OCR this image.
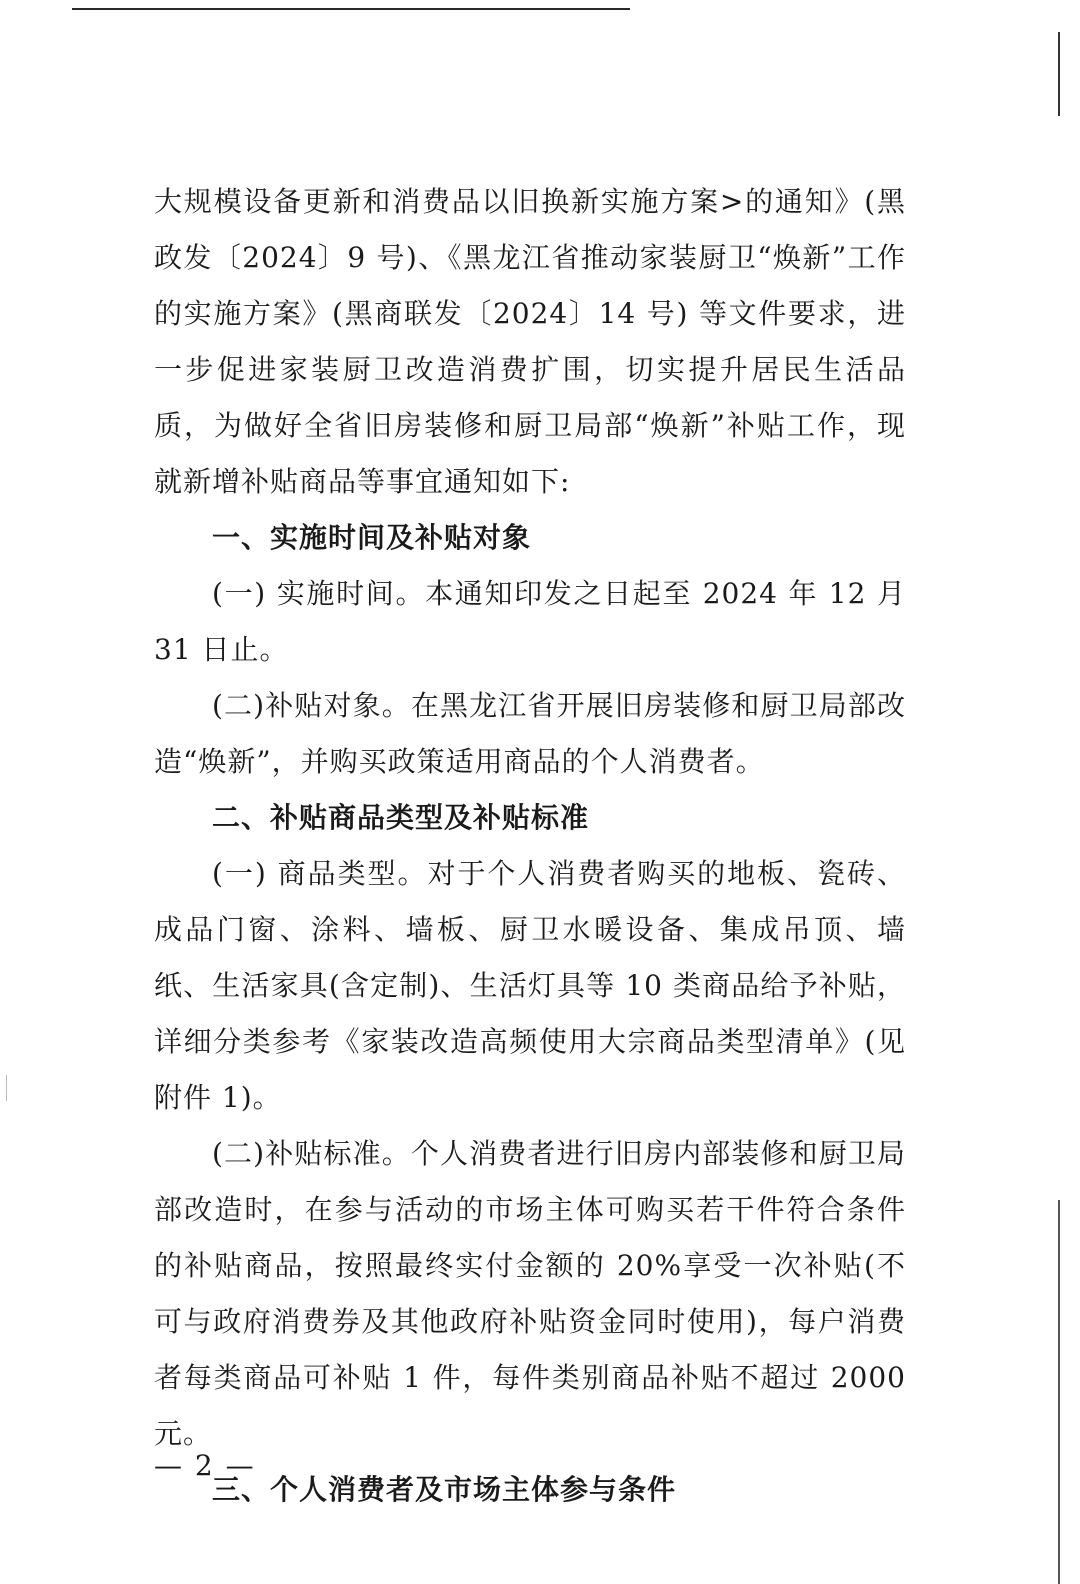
大规模设备更新和消费品以旧换新实施方案>的通知》(黑政发〔2024〕9 号)、《黑龙江省推动家装厨卫“焕新”工作的实施方案》(黑商联发〔2024〕14 号) 等文件要求，进一步促进家装厨卫改造消费扩围，切实提升居民生活品质，为做好全省旧房装修和厨卫局部“焕新”补贴工作，现就新增补贴商品等事宜通知如下:

一、实施时间及补贴对象

(一) 实施时间。本通知印发之日起至 2024 年 12 月 31 日止。

(二)补贴对象。在黑龙江省开展旧房装修和厨卫局部改造“焕新”，并购买政策适用商品的个人消费者。

二、补贴商品类型及补贴标准

(一) 商品类型。对于个人消费者购买的地板、瓷砖、成品门窗、涂料、墙板、厨卫水暖设备、集成吊顶、墙纸、生活家具(含定制)、生活灯具等 10 类商品给予补贴，详细分类参考《家装改造高频使用大宗商品类型清单》(见附件 1)。

(二)补贴标准。个人消费者进行旧房内部装修和厨卫局部改造时，在参与活动的市场主体可购买若干件符合条件的补贴商品，按照最终实付金额的 20%享受一次补贴(不可与政府消费券及其他政府补贴资金同时使用)，每户消费者每类商品可补贴 1 件，每件类别商品补贴不超过 2000 元。

三、个人消费者及市场主体参与条件

— 2 —
